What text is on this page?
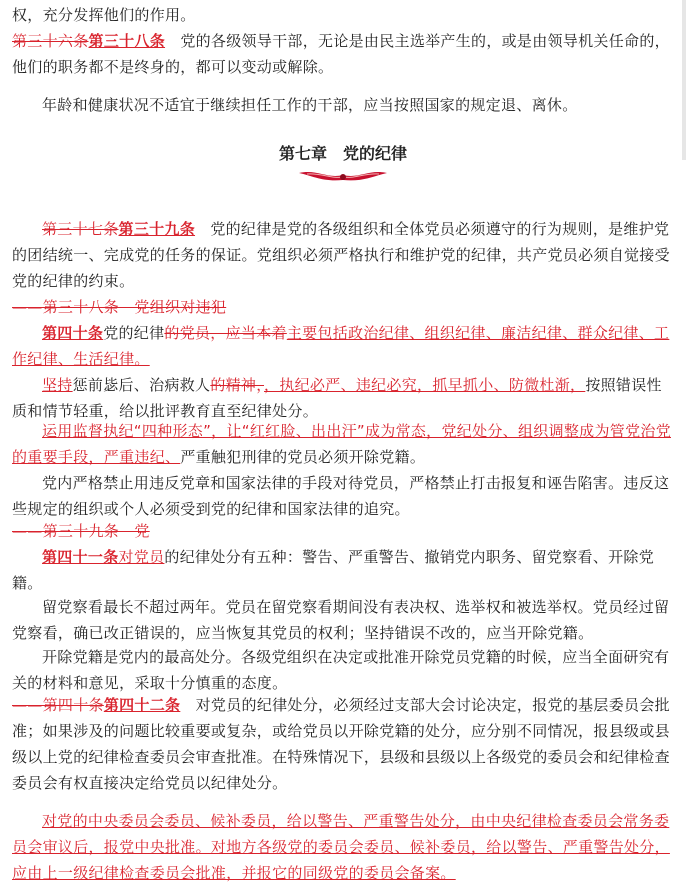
权，充分发挥他们的作用。

第三十六条第三十八条　党的各级领导干部，无论是由民主选举产生的，或是由领导机关任命的，他们的职务都不是终身的，都可以变动或解除。

年龄和健康状况不适宜于继续担任工作的干部，应当按照国家的规定退、离休。

第七章　党的纪律

第三十七条第三十九条　党的纪律是党的各级组织和全体党员必须遵守的行为规则，是维护党的团结统一、完成党的任务的保证。党组织必须严格执行和维护党的纪律，共产党员必须自觉接受党的纪律的约束。

——第三十八条　党组织对违犯

第四十条党的纪律的党员，应当本着主要包括政治纪律、组织纪律、廉洁纪律、群众纪律、工作纪律、生活纪律。

坚持惩前毖后、治病救人的精神，，执纪必严、违纪必究，抓早抓小、防微杜渐，按照错误性质和情节轻重，给以批评教育直至纪律处分。

运用监督执纪“四种形态”，让“红红脸、出出汗”成为常态，党纪处分、组织调整成为管党治党的重要手段，严重违纪、严重触犯刑律的党员必须开除党籍。

党内严格禁止用违反党章和国家法律的手段对待党员，严格禁止打击报复和诬告陷害。违反这些规定的组织或个人必须受到党的纪律和国家法律的追究。

——第三十九条　党

第四十一条对党员的纪律处分有五种：警告、严重警告、撤销党内职务、留党察看、开除党籍。

留党察看最长不超过两年。党员在留党察看期间没有表决权、选举权和被选举权。党员经过留党察看，确已改正错误的，应当恢复其党员的权利；坚持错误不改的，应当开除党籍。

开除党籍是党内的最高处分。各级党组织在决定或批准开除党员党籍的时候，应当全面研究有关的材料和意见，采取十分慎重的态度。

——第四十条第四十二条　对党员的纪律处分，必须经过支部大会讨论决定，报党的基层委员会批准；如果涉及的问题比较重要或复杂，或给党员以开除党籍的处分，应分别不同情况，报县级或县级以上党的纪律检查委员会审查批准。在特殊情况下，县级和县级以上各级党的委员会和纪律检查委员会有权直接决定给党员以纪律处分。

对党的中央委员会委员、候补委员，给以警告、严重警告处分，由中央纪律检查委员会常务委员会审议后，报党中央批准。对地方各级党的委员会委员、候补委员，给以警告、严重警告处分，应由上一级纪律检查委员会批准，并报它的同级党的委员会备案。
